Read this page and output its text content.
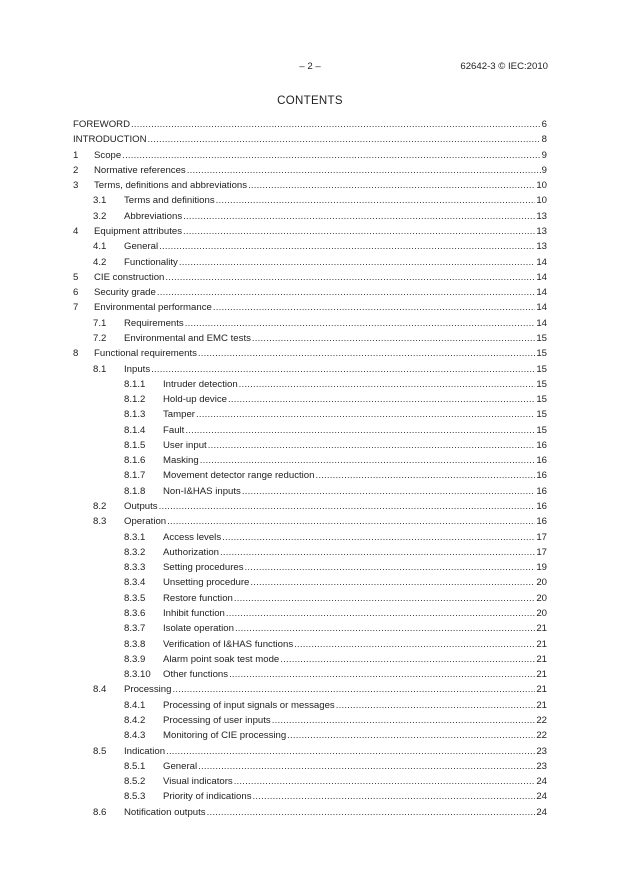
– 2 –	62642-3 © IEC:2010
CONTENTS
FOREWORD .....	6
INTRODUCTION .....	8
1	Scope .....	9
2	Normative references .....	9
3	Terms, definitions and abbreviations .....	10
3.1	Terms and definitions .....	10
3.2	Abbreviations .....	13
4	Equipment attributes .....	13
4.1	General .....	13
4.2	Functionality .....	14
5	CIE construction .....	14
6	Security grade .....	14
7	Environmental performance .....	14
7.1	Requirements .....	14
7.2	Environmental and EMC tests .....	15
8	Functional requirements .....	15
8.1	Inputs .....	15
8.1.1	Intruder detection .....	15
8.1.2	Hold-up device .....	15
8.1.3	Tamper .....	15
8.1.4	Fault .....	15
8.1.5	User input .....	16
8.1.6	Masking .....	16
8.1.7	Movement detector range reduction .....	16
8.1.8	Non-I&HAS inputs .....	16
8.2	Outputs .....	16
8.3	Operation .....	16
8.3.1	Access levels .....	17
8.3.2	Authorization .....	17
8.3.3	Setting procedures .....	19
8.3.4	Unsetting procedure .....	20
8.3.5	Restore function .....	20
8.3.6	Inhibit function .....	20
8.3.7	Isolate operation .....	21
8.3.8	Verification of I&HAS functions .....	21
8.3.9	Alarm point soak test mode .....	21
8.3.10	Other functions .....	21
8.4	Processing .....	21
8.4.1	Processing of input signals or messages .....	21
8.4.2	Processing of user inputs .....	22
8.4.3	Monitoring of CIE processing .....	22
8.5	Indication .....	23
8.5.1	General .....	23
8.5.2	Visual indicators .....	24
8.5.3	Priority of indications .....	24
8.6	Notification outputs .....	24
